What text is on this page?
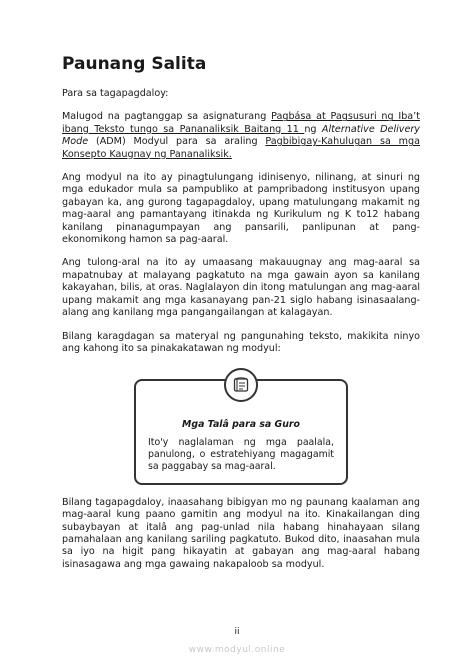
Paunang Salita

Para sa tagapagdaloy:

Malugod na pagtanggap sa asignaturang Pagbása at Pagsusuri ng Iba’t ibang Teksto tungo sa Pananaliksik Baitang 11 ng Alternative Delivery Mode (ADM) Modyul para sa araling Pagbibigay-Kahulugan sa mga Konsepto Kaugnay ng Pananaliksik.

Ang modyul na ito ay pinagtulungang idinisenyo, nilinang, at sinuri ng mga edukador mula sa pampubliko at pampribadong institusyon upang gabayan ka, ang gurong tagapagdaloy, upang matulungang makamit ng mag-aaral ang pamantayang itinakda ng Kurikulum ng K to12 habang kanilang pinanagumpayan ang pansarili, panlipunan at pang-ekonomikong hamon sa pag-aaral.

Ang tulong-aral na ito ay umaasang makauugnay ang mag-aaral sa mapatnubay at malayang pagkatuto na mga gawain ayon sa kanilang kakayahan, bilis, at oras. Naglalayon din itong matulungan ang mag-aaral upang makamit ang mga kasanayang pan-21 siglo habang isinasaalang-alang ang kanilang mga pangangailangan at kalagayan.

Bilang karagdagan sa materyal ng pangunahing teksto, makikita ninyo ang kahong ito sa pinakakatawan ng modyul:

Mga Talâ para sa Guro
Ito'y naglalaman ng mga paalala, panulong, o estratehiyang magagamit sa paggabay sa mag-aaral.

Bilang tagapagdaloy, inaasahang bibigyan mo ng paunang kaalaman ang mag-aaral kung paano gamitin ang modyul na ito. Kinakailangan ding subaybayan at italâ ang pag-unlad nila habang hinahayaan silang pamahalaan ang kanilang sariling pagkatuto. Bukod dito, inaasahan mula sa iyo na higit pang hikayatin at gabayan ang mag-aaral habang isinasagawa ang mga gawaing nakapaloob sa modyul.

ii
www.modyul.online
